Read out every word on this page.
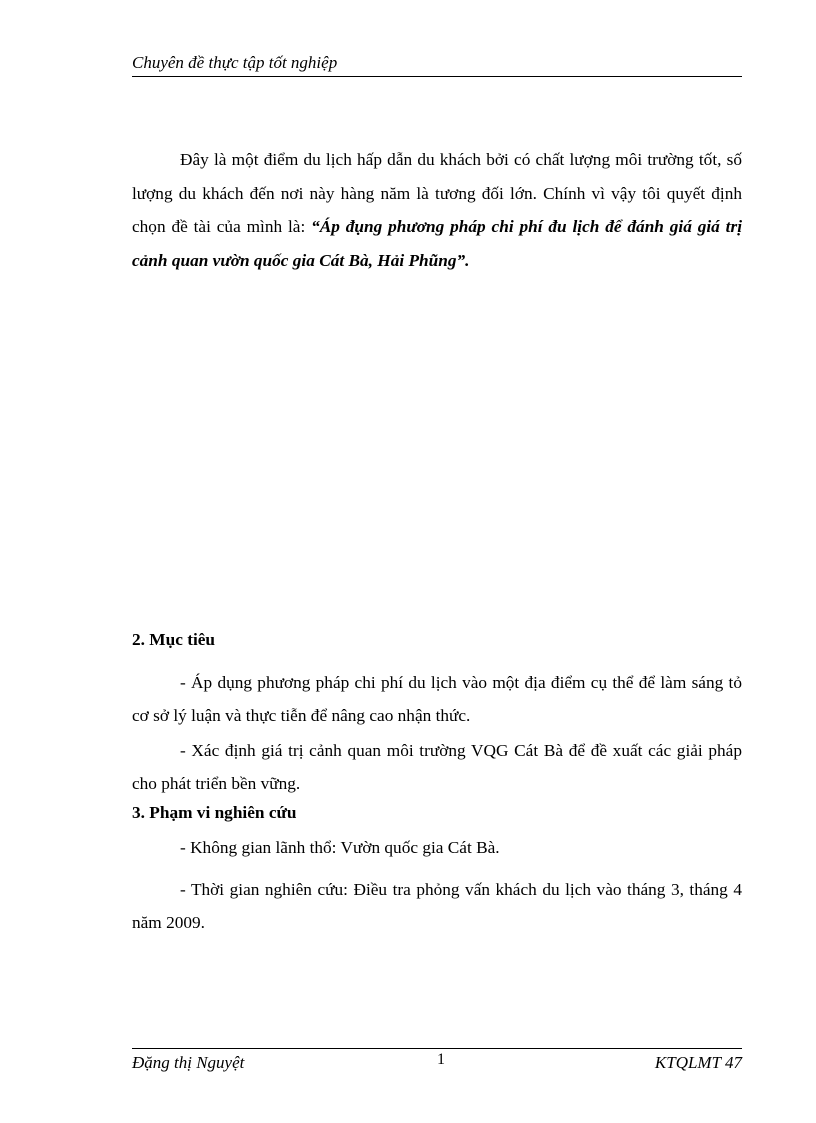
Chuyên đề thực tập tốt nghiệp

Đây là một điểm du lịch hấp dẫn du khách bởi có chất lượng môi trường tốt, số lượng du khách đến nơi này hàng năm là tương đối lớn. Chính vì vậy tôi quyết định chọn đề tài của mình là: “Áp đụng phương pháp chi phí đu lịch để đánh giá giá trị cảnh quan vườn quốc gia Cát Bà, Hải Phũng”.

2. Mục tiêu

- Áp dụng phương pháp chi phí du lịch vào một địa điểm cụ thể để làm sáng tỏ cơ sở lý luận và thực tiễn để nâng cao nhận thức.

- Xác định giá trị cảnh quan môi trường VQG Cát Bà để đề xuất các giải pháp cho phát triển bền vững.

3. Phạm vi nghiên cứu

- Không gian lãnh thổ: Vườn quốc gia Cát Bà.

- Thời gian nghiên cứu: Điều tra phỏng vấn khách du lịch vào tháng 3, tháng 4 năm 2009.

Đặng thị Nguyệt	1	KTQLMT 47
